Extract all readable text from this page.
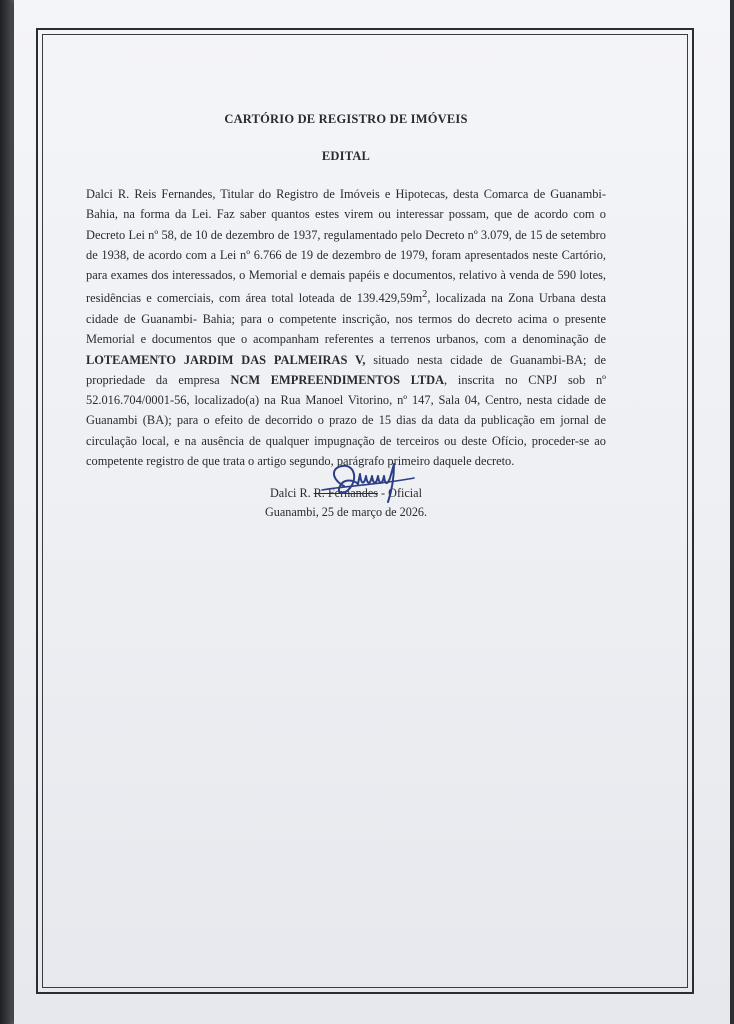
CARTÓRIO DE REGISTRO DE IMÓVEIS

EDITAL

Dalci R. Reis Fernandes, Titular do Registro de Imóveis e Hipotecas, desta Comarca de Guanambi- Bahia, na forma da Lei. Faz saber quantos estes virem ou interessar possam, que de acordo com o Decreto Lei nº 58, de 10 de dezembro de 1937, regulamentado pelo Decreto nº 3.079, de 15 de setembro de 1938, de acordo com a Lei nº 6.766 de 19 de dezembro de 1979, foram apresentados neste Cartório, para exames dos interessados, o Memorial e demais papéis e documentos, relativo à venda de 590 lotes, residências e comerciais, com área total loteada de $139.429,59m^2$, localizada na Zona Urbana desta cidade de Guanambi- Bahia; para o competente inscrição, nos termos do decreto acima o presente Memorial e documentos que o acompanham referentes a terrenos urbanos, com a denominação de LOTEAMENTO JARDIM DAS PALMEIRAS V, situado nesta cidade de Guanambi-BA; de propriedade da empresa NCM EMPREENDIMENTOS LTDA, inscrita no CNPJ sob nº 52.016.704/0001-56, localizado(a) na Rua Manoel Vitorino, nº 147, Sala 04, Centro, nesta cidade de Guanambi (BA); para o efeito de decorrido o prazo de 15 dias da data da publicação em jornal de circulação local, e na ausência de qualquer impugnação de terceiros ou deste Ofício, proceder-se ao competente registro de que trata o artigo segundo, parágrafo primeiro daquele decreto.

Dalci R. R. Fernandes - Oficial
Guanambi, 25 de março de 2026.
